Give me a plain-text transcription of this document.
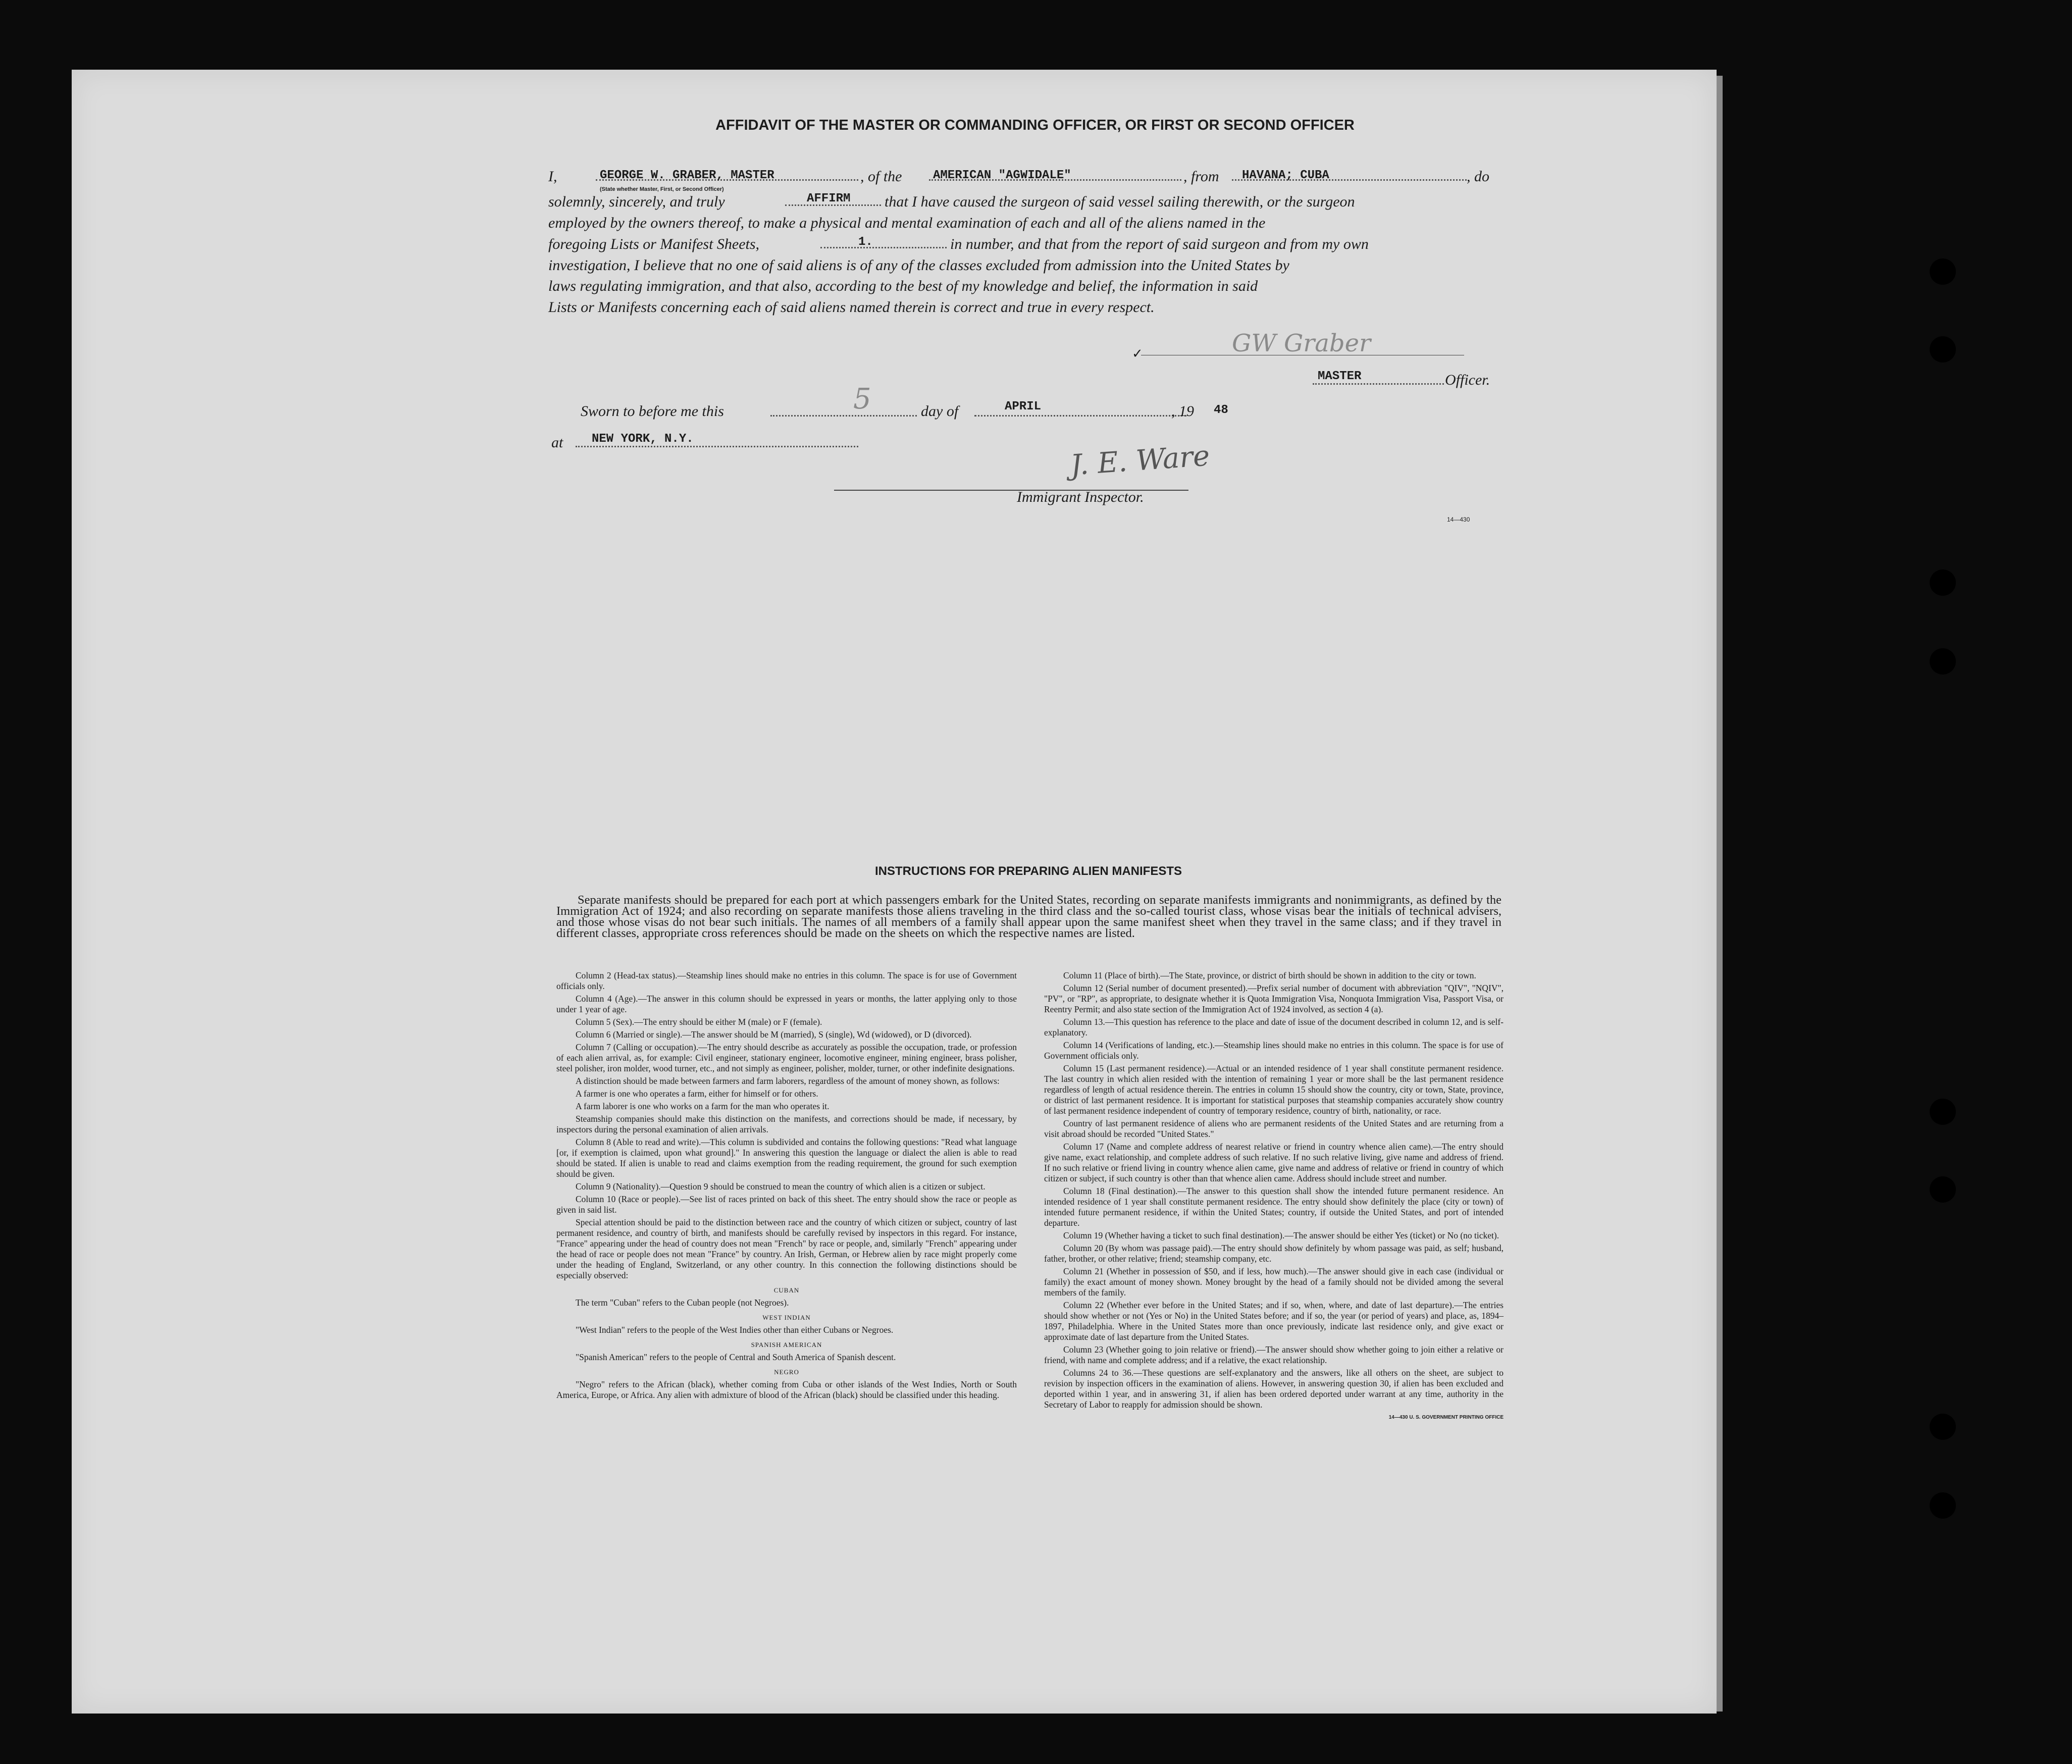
AFFIDAVIT OF THE MASTER OR COMMANDING OFFICER, OR FIRST OR SECOND OFFICER
I,	GEORGE W. GRABER, MASTER
(State whether Master, First, or Second Officer)
, of the	AMERICAN "AGWIDALE"	, from HAVANA; CUBA	, do
solemnly, sincerely, and truly	AFFIRM that I have caused the surgeon of said vessel sailing therewith, or the surgeon
employed by the owners thereof, to make a physical and mental examination of each and all of the aliens named in the
foregoing Lists or Manifest Sheets,	1.	in number, and that from the report of said surgeon and from my own
investigation, I believe that no one of said aliens is of any of the classes excluded from admission into the United States by
laws regulating immigration, and that also, according to the best of my knowledge and belief, the information in said
Lists or Manifests concerning each of said aliens named therein is correct and true in every respect.
✓	GW Graber
MASTER	Officer.
Sworn to before me this	5	day of	APRIL	, 19 48
at NEW YORK, N.Y.
J. E. Ware
Immigrant Inspector.
14—430
INSTRUCTIONS FOR PREPARING ALIEN MANIFESTS

Separate manifests should be prepared for each port at which passengers embark for the United States, recording on separate manifests immigrants and nonimmigrants, as defined by the Immigration Act of 1924; and also recording on separate manifests those aliens traveling in the third class and the so-called tourist class, whose visas bear the initials of technical advisers, and those whose visas do not bear such initials. The names of all members of a family shall appear upon the same manifest sheet when they travel in the same class; and if they travel in different classes, appropriate cross references should be made on the sheets on which the respective names are listed.

Column 2 (Head-tax status).—Steamship lines should make no entries in this column. The space is for use of Government officials only.

Column 4 (Age).—The answer in this column should be expressed in years or months, the latter applying only to those under 1 year of age.

Column 5 (Sex).—The entry should be either M (male) or F (female).

Column 6 (Married or single).—The answer should be M (married), S (single), Wd (widowed), or D (divorced).

Column 7 (Calling or occupation).—The entry should describe as accurately as possible the occupation, trade, or profession of each alien arrival, as, for example: Civil engineer, stationary engineer, locomotive engineer, mining engineer, brass polisher, steel polisher, iron molder, wood turner, etc., and not simply as engineer, polisher, molder, turner, or other indefinite designations.

A distinction should be made between farmers and farm laborers, regardless of the amount of money shown, as follows:

A farmer is one who operates a farm, either for himself or for others.

A farm laborer is one who works on a farm for the man who operates it.

Steamship companies should make this distinction on the manifests, and corrections should be made, if necessary, by inspectors during the personal examination of alien arrivals.

Column 8 (Able to read and write).—This column is subdivided and contains the following questions: "Read what language [or, if exemption is claimed, upon what ground]." In answering this question the language or dialect the alien is able to read should be stated. If alien is unable to read and claims exemption from the reading requirement, the ground for such exemption should be given.

Column 9 (Nationality).—Question 9 should be construed to mean the country of which alien is a citizen or subject.

Column 10 (Race or people).—See list of races printed on back of this sheet. The entry should show the race or people as given in said list.

Special attention should be paid to the distinction between race and the country of which citizen or subject, country of last permanent residence, and country of birth, and manifests should be carefully revised by inspectors in this regard. For instance, "France" appearing under the head of country does not mean "French" by race or people, and, similarly "French" appearing under the head of race or people does not mean "France" by country. An Irish, German, or Hebrew alien by race might properly come under the heading of England, Switzerland, or any other country. In this connection the following distinctions should be especially observed:

CUBAN

The term "Cuban" refers to the Cuban people (not Negroes).

WEST INDIAN

"West Indian" refers to the people of the West Indies other than either Cubans or Negroes.

SPANISH AMERICAN

"Spanish American" refers to the people of Central and South America of Spanish descent.

NEGRO

"Negro" refers to the African (black), whether coming from Cuba or other islands of the West Indies, North or South America, Europe, or Africa. Any alien with admixture of blood of the African (black) should be classified under this heading.

Column 11 (Place of birth).—The State, province, or district of birth should be shown in addition to the city or town.

Column 12 (Serial number of document presented).—Prefix serial number of document with abbreviation "QIV", "NQIV", "PV", or "RP", as appropriate, to designate whether it is Quota Immigration Visa, Nonquota Immigration Visa, Passport Visa, or Reentry Permit; and also state section of the Immigration Act of 1924 involved, as section 4 (a).

Column 13.—This question has reference to the place and date of issue of the document described in column 12, and is self-explanatory.

Column 14 (Verifications of landing, etc.).—Steamship lines should make no entries in this column. The space is for use of Government officials only.

Column 15 (Last permanent residence).—Actual or an intended residence of 1 year shall constitute permanent residence. The last country in which alien resided with the intention of remaining 1 year or more shall be the last permanent residence regardless of length of actual residence therein. The entries in column 15 should show the country, city or town, State, province, or district of last permanent residence. It is important for statistical purposes that steamship companies accurately show country of last permanent residence independent of country of temporary residence, country of birth, nationality, or race.

Country of last permanent residence of aliens who are permanent residents of the United States and are returning from a visit abroad should be recorded "United States."

Column 17 (Name and complete address of nearest relative or friend in country whence alien came).—The entry should give name, exact relationship, and complete address of such relative. If no such relative living, give name and address of friend. If no such relative or friend living in country whence alien came, give name and address of relative or friend in country of which citizen or subject, if such country is other than that whence alien came. Address should include street and number.

Column 18 (Final destination).—The answer to this question shall show the intended future permanent residence. An intended residence of 1 year shall constitute permanent residence. The entry should show definitely the place (city or town) of intended future permanent residence, if within the United States; country, if outside the United States, and port of intended departure.

Column 19 (Whether having a ticket to such final destination).—The answer should be either Yes (ticket) or No (no ticket).

Column 20 (By whom was passage paid).—The entry should show definitely by whom passage was paid, as self; husband, father, brother, or other relative; friend; steamship company, etc.

Column 21 (Whether in possession of $50, and if less, how much).—The answer should give in each case (individual or family) the exact amount of money shown. Money brought by the head of a family should not be divided among the several members of the family.

Column 22 (Whether ever before in the United States; and if so, when, where, and date of last departure).—The entries should show whether or not (Yes or No) in the United States before; and if so, the year (or period of years) and place, as, 1894–1897, Philadelphia. Where in the United States more than once previously, indicate last residence only, and give exact or approximate date of last departure from the United States.

Column 23 (Whether going to join relative or friend).—The answer should show whether going to join either a relative or friend, with name and complete address; and if a relative, the exact relationship.

Columns 24 to 36.—These questions are self-explanatory and the answers, like all others on the sheet, are subject to revision by inspection officers in the examination of aliens. However, in answering question 30, if alien has been excluded and deported within 1 year, and in answering 31, if alien has been ordered deported under warrant at any time, authority in the Secretary of Labor to reapply for admission should be shown.

14—430 U. S. GOVERNMENT PRINTING OFFICE
